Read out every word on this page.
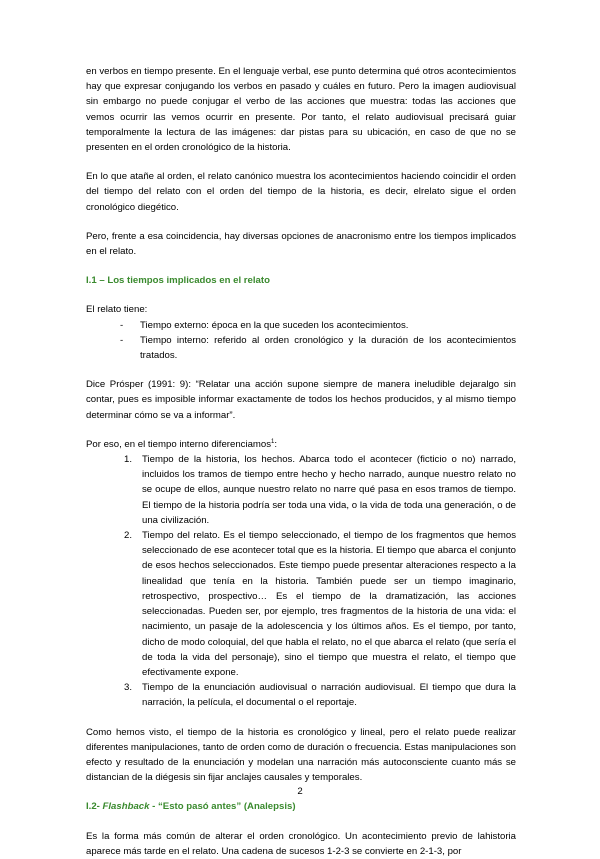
en verbos en tiempo presente. En el lenguaje verbal, ese punto determina qué otros acontecimientos hay que expresar conjugando los verbos en pasado y cuáles en futuro. Pero la imagen audiovisual sin embargo no puede conjugar el verbo de las acciones que muestra: todas las acciones que vemos ocurrir las vemos ocurrir en presente. Por tanto, el relato audiovisual precisará guiar temporalmente la lectura de las imágenes: dar pistas para su ubicación, en caso de que no se presenten en el orden cronológico de la historia.

En lo que atañe al orden, el relato canónico muestra los acontecimientos haciendo coincidir el orden del tiempo del relato con el orden del tiempo de la historia, es decir, elrelato sigue el orden cronológico diegético.

Pero, frente a esa coincidencia, hay diversas opciones de anacronismo entre los tiempos implicados en el relato.

I.1 – Los tiempos implicados en el relato

El relato tiene:

- Tiempo externo: época en la que suceden los acontecimientos.
- Tiempo interno: referido al orden cronológico y la duración de los acontecimientos tratados.

Dice Prósper (1991: 9): “Relatar una acción supone siempre de manera ineludible dejaralgo sin contar, pues es imposible informar exactamente de todos los hechos producidos, y al mismo tiempo determinar cómo se va a informar”.

Por eso, en el tiempo interno diferenciamos$^1$:

1. Tiempo de la historia, los hechos. Abarca todo el acontecer (ficticio o no) narrado, incluidos los tramos de tiempo entre hecho y hecho narrado, aunque nuestro relato no se ocupe de ellos, aunque nuestro relato no narre qué pasa en esos tramos de tiempo. El tiempo de la historia podría ser toda una vida, o la vida de toda una generación, o de una civilización.
2. Tiempo del relato. Es el tiempo seleccionado, el tiempo de los fragmentos que hemos seleccionado de ese acontecer total que es la historia. El tiempo que abarca el conjunto de esos hechos seleccionados. Este tiempo puede presentar alteraciones respecto a la linealidad que tenía en la historia. También puede ser un tiempo imaginario, retrospectivo, prospectivo… Es el tiempo de la dramatización, las acciones seleccionadas. Pueden ser, por ejemplo, tres fragmentos de la historia de una vida: el nacimiento, un pasaje de la adolescencia y los últimos años. Es el tiempo, por tanto, dicho de modo coloquial, del que habla el relato, no el que abarca el relato (que sería el de toda la vida del personaje), sino el tiempo que muestra el relato, el tiempo que efectivamente expone.
3. Tiempo de la enunciación audiovisual o narración audiovisual. El tiempo que dura la narración, la película, el documental o el reportaje.

Como hemos visto, el tiempo de la historia es cronológico y lineal, pero el relato puede realizar diferentes manipulaciones, tanto de orden como de duración o frecuencia. Estas manipulaciones son efecto y resultado de la enunciación y modelan una narración más autoconsciente cuanto más se distancian de la diégesis sin fijar anclajes causales y temporales.

I.2- Flashback - “Esto pasó antes” (Analepsis)

Es la forma más común de alterar el orden cronológico. Un acontecimiento previo de lahistoria aparece más tarde en el relato. Una cadena de sucesos 1-2-3 se convierte en 2-1-3, por

2
